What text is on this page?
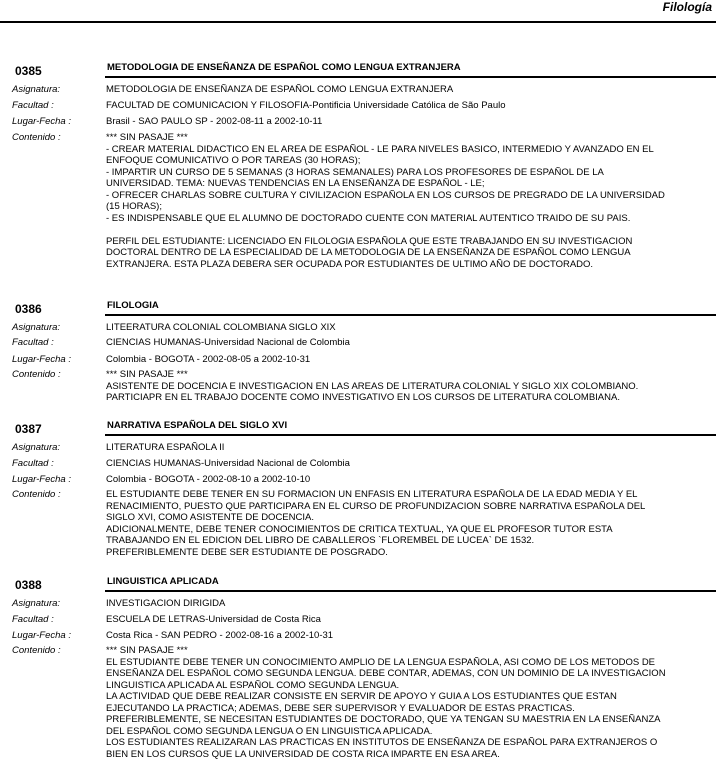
Filología
0385	METODOLOGIA DE ENSEÑANZA DE ESPAÑOL COMO LENGUA EXTRANJERA
Asignatura:	METODOLOGIA DE ENSEÑANZA DE ESPAÑOL COMO LENGUA EXTRANJERA
Facultad :	FACULTAD DE COMUNICACION Y FILOSOFIA-Pontificia Universidade Católica de São Paulo
Lugar-Fecha :	Brasil - SAO PAULO SP - 2002-08-11 a 2002-10-11
Contenido :	*** SIN PASAJE ***
- CREAR MATERIAL DIDACTICO EN EL AREA DE ESPAÑOL - LE PARA NIVELES BASICO, INTERMEDIO Y AVANZADO EN EL
ENFOQUE COMUNICATIVO O POR TAREAS (30 HORAS);
- IMPARTIR UN CURSO DE 5 SEMANAS (3 HORAS SEMANALES) PARA LOS PROFESORES DE ESPAÑOL DE LA
UNIVERSIDAD. TEMA: NUEVAS TENDENCIAS EN LA ENSEÑANZA DE ESPAÑOL - LE;
- OFRECER CHARLAS SOBRE CULTURA Y CIVILIZACION ESPAÑOLA EN LOS CURSOS DE PREGRADO DE LA UNIVERSIDAD
(15 HORAS);
- ES INDISPENSABLE QUE EL ALUMNO DE DOCTORADO CUENTE CON MATERIAL AUTENTICO TRAIDO DE SU PAIS.

PERFIL DEL ESTUDIANTE: LICENCIADO EN FILOLOGIA ESPAÑOLA QUE ESTE TRABAJANDO EN SU INVESTIGACION
DOCTORAL DENTRO DE LA ESPECIALIDAD DE LA METODOLOGIA DE LA ENSEÑANZA DE ESPAÑOL COMO LENGUA
EXTRANJERA. ESTA PLAZA DEBERA SER OCUPADA POR ESTUDIANTES DE ULTIMO AÑO DE DOCTORADO.
0386	FILOLOGIA
Asignatura:	LITEERATURA COLONIAL COLOMBIANA SIGLO XIX
Facultad :	CIENCIAS HUMANAS-Universidad Nacional de Colombia
Lugar-Fecha :	Colombia - BOGOTA - 2002-08-05 a 2002-10-31
Contenido :	*** SIN PASAJE ***
ASISTENTE DE DOCENCIA E INVESTIGACION EN LAS AREAS DE LITERATURA COLONIAL Y SIGLO XIX COLOMBIANO.
PARTICIAPR EN EL TRABAJO DOCENTE COMO INVESTIGATIVO EN LOS CURSOS DE LITERATURA COLOMBIANA.
0387	NARRATIVA ESPAÑOLA DEL SIGLO XVI
Asignatura:	LITERATURA ESPAÑOLA II
Facultad :	CIENCIAS HUMANAS-Universidad Nacional de Colombia
Lugar-Fecha :	Colombia - BOGOTA - 2002-08-10 a 2002-10-10
Contenido :	EL ESTUDIANTE DEBE TENER EN SU FORMACION UN ENFASIS EN LITERATURA ESPAÑOLA DE LA EDAD MEDIA Y EL
RENACIMIENTO, PUESTO QUE PARTICIPARA EN EL CURSO DE PROFUNDIZACION SOBRE NARRATIVA ESPAÑOLA DEL
SIGLO XVI, COMO ASISTENTE DE DOCENCIA.
ADICIONALMENTE, DEBE TENER CONOCIMIENTOS DE CRITICA TEXTUAL, YA QUE EL PROFESOR TUTOR ESTA
TRABAJANDO EN EL EDICION DEL LIBRO DE CABALLEROS `FLOREMBEL DE LUCEA` DE 1532.
PREFERIBLEMENTE DEBE SER ESTUDIANTE DE POSGRADO.
0388	LINGUISTICA APLICADA
Asignatura:	INVESTIGACION DIRIGIDA
Facultad :	ESCUELA DE LETRAS-Universidad de Costa Rica
Lugar-Fecha :	Costa Rica - SAN PEDRO - 2002-08-16 a 2002-10-31
Contenido :	*** SIN PASAJE ***
EL ESTUDIANTE DEBE TENER UN CONOCIMIENTO AMPLIO DE LA LENGUA ESPAÑOLA, ASI COMO DE LOS METODOS DE
ENSEÑANZA DEL ESPAÑOL COMO SEGUNDA LENGUA. DEBE CONTAR, ADEMAS, CON UN DOMINIO DE LA INVESTIGACION
LINGUISTICA APLICADA AL ESPAÑOL COMO SEGUNDA LENGUA.
LA ACTIVIDAD QUE DEBE REALIZAR CONSISTE EN SERVIR DE APOYO Y GUIA A LOS ESTUDIANTES QUE ESTAN
EJECUTANDO LA PRACTICA; ADEMAS, DEBE SER SUPERVISOR Y EVALUADOR DE ESTAS PRACTICAS.
PREFERIBLEMENTE, SE NECESITAN ESTUDIANTES DE DOCTORADO, QUE YA TENGAN SU MAESTRIA EN LA ENSEÑANZA
DEL ESPAÑOL COMO SEGUNDA LENGUA O EN LINGUISTICA APLICADA.
LOS ESTUDIANTES REALIZARAN LAS PRACTICAS EN INSTITUTOS DE ENSEÑANZA DE ESPAÑOL PARA EXTRANJEROS O
BIEN EN LOS CURSOS QUE LA UNIVERSIDAD DE COSTA RICA IMPARTE EN ESA AREA.
